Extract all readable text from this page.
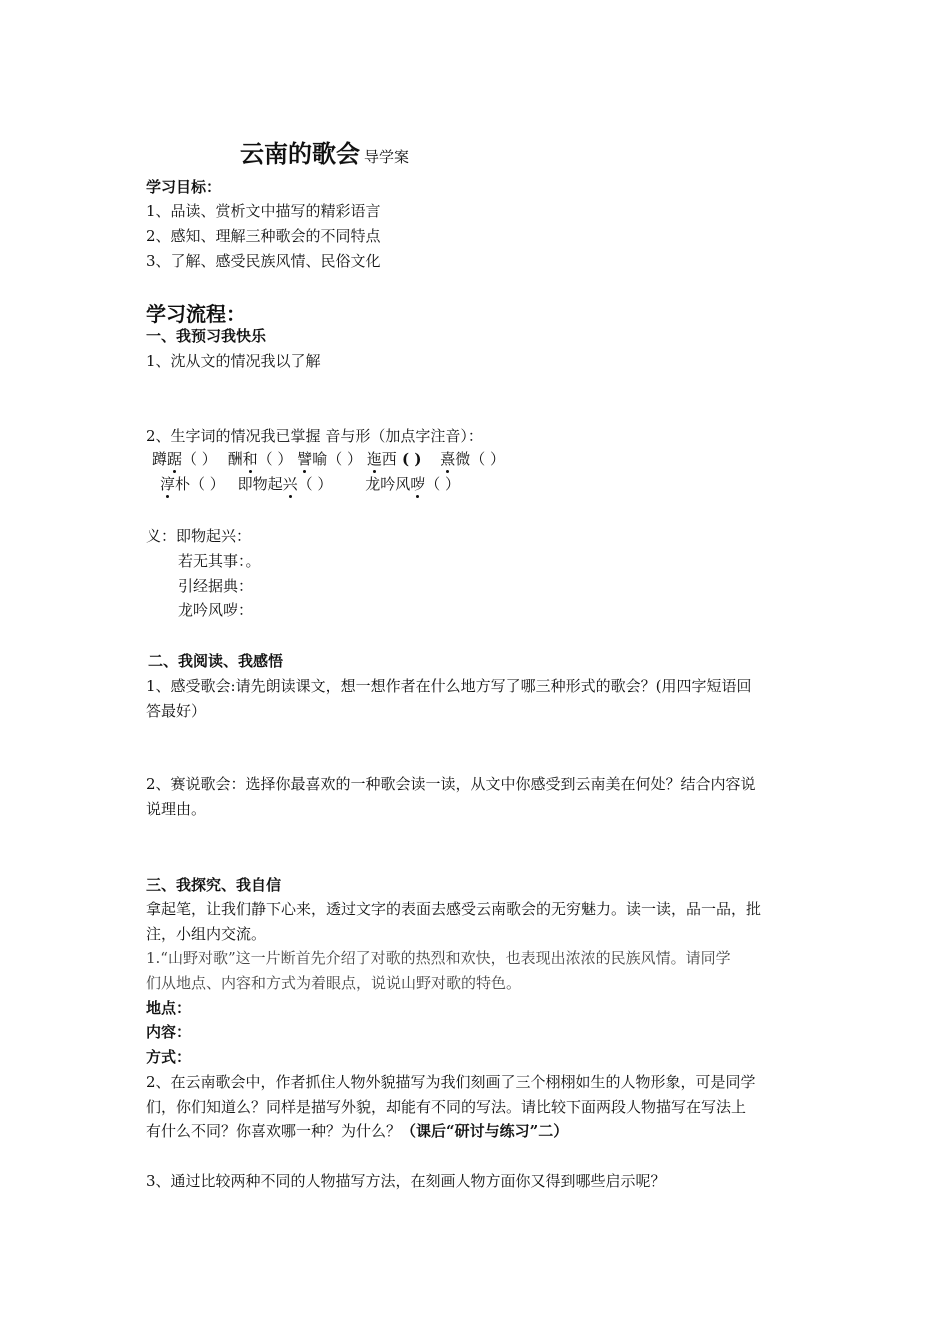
云南的歌会 导学案
学习目标：
1、品读、赏析文中描写的精彩语言
2、感知、理解三种歌会的不同特点
3、了解、感受民族风情、民俗文化
学习流程：
一、我预习我快乐
1、沈从文的情况我以了解
2、生字词的情况我已掌握 音与形（加点字注音）：
蹲踞（ ） 酬和（ ） 譬喻（ ） 迤西 ( ) 熹微（ ）
淳朴（ ） 即物起兴（ ） 龙吟风哕（ ）
义：即物起兴：
若无其事：。
引经据典：
龙吟风哕：
二、我阅读、我感悟
1、感受歌会:请先朗读课文，想一想作者在什么地方写了哪三种形式的歌会？(用四字短语回
答最好）
2、赛说歌会：选择你最喜欢的一种歌会读一读，从文中你感受到云南美在何处？结合内容说
说理由。
三、我探究、我自信
拿起笔，让我们静下心来，透过文字的表面去感受云南歌会的无穷魅力。读一读，品一品，批
注，小组内交流。
1.“山野对歌”这一片断首先介绍了对歌的热烈和欢快，也表现出浓浓的民族风情。请同学
们从地点、内容和方式为着眼点，说说山野对歌的特色。
地点：
内容：
方式：
2、在云南歌会中，作者抓住人物外貌描写为我们刻画了三个栩栩如生的人物形象，可是同学
们，你们知道么？同样是描写外貌，却能有不同的写法。请比较下面两段人物描写在写法上
有什么不同？你喜欢哪一种？为什么？（课后“研讨与练习”二）
3、通过比较两种不同的人物描写方法，在刻画人物方面你又得到哪些启示呢？
